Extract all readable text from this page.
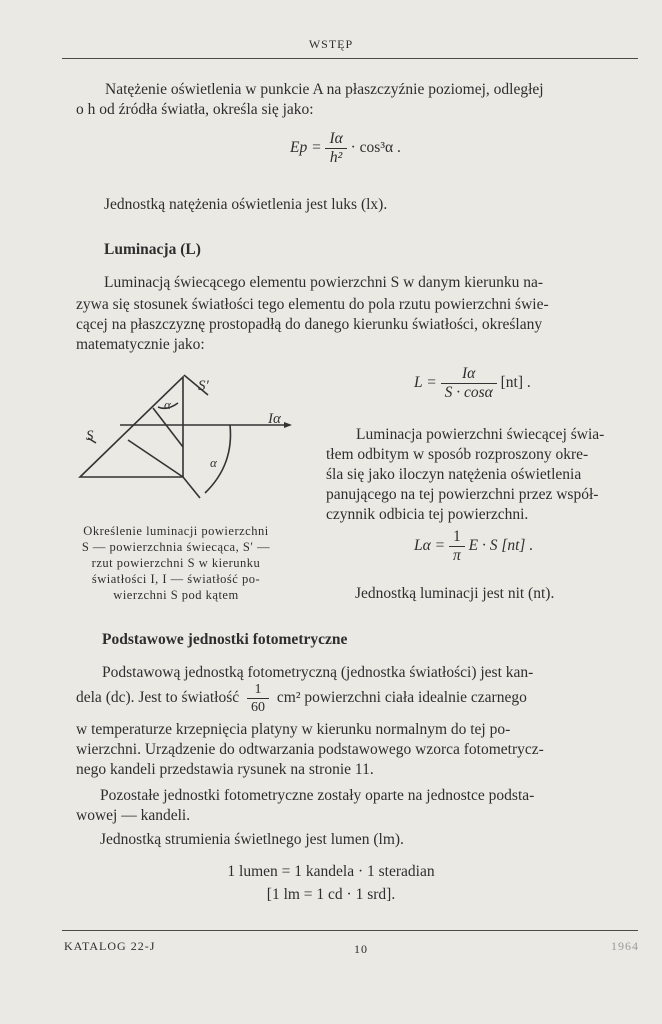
WSTĘP
Natężenie oświetlenia w punkcie A na płaszczyźnie poziomej, odległej
o h od źródła światła, określa się jako:
$Ep = \frac{I\alpha}{\text{h²}} \cdot \cos^3\alpha$ .
Jednostką natężenia oświetlenia jest luks (lx).
Luminacja (L)
Luminacją świecącego elementu powierzchni S w danym kierunku na-
zywa się stosunek światłości tego elementu do pola rzutu powierzchni świe-
cącej na płaszczyznę prostopadłą do danego kierunku światłości, określany
matematycznie jako:
S′
α
Iα
S
α
Określenie luminacji powierzchni
S — powierzchnia świecąca, S′ —
rzut powierzchni S w kierunku
światłości I, I — światłość po-
wierzchni S pod kątem
$L = \frac{I\alpha}{S \cdot \cos\alpha} [nt]$ .
Luminacja powierzchni świecącej świa-
tłem odbitym w sposób rozproszony okre-
śla się jako iloczyn natężenia oświetlenia
panującego na tej powierzchni przez współ-
czynnik odbicia tej powierzchni.
$L\alpha = \frac{1}{\pi}$ E · S [nt] .
Jednostką luminacji jest nit (nt).
Podstawowe jednostki fotometryczne
Podstawową jednostką fotometryczną (jednostka światłości) jest kan-
dela (dc). Jest to światłość $\frac{1}{60} cm^2$ powierzchni ciała idealnie czarnego
w temperaturze krzepnięcia platyny w kierunku normalnym do tej po-
wierzchni. Urządzenie do odtwarzania podstawowego wzorca fotometrycz-
nego kandeli przedstawia rysunek na stronie 11.
Pozostałe jednostki fotometryczne zostały oparte na jednostce podsta-
wowej — kandeli.
Jednostką strumienia świetlnego jest lumen (lm).
1 lumen = 1 kandela · 1 steradian
[1 lm = 1 cd · 1 srd].
KATALOG 22-J	10	1964
